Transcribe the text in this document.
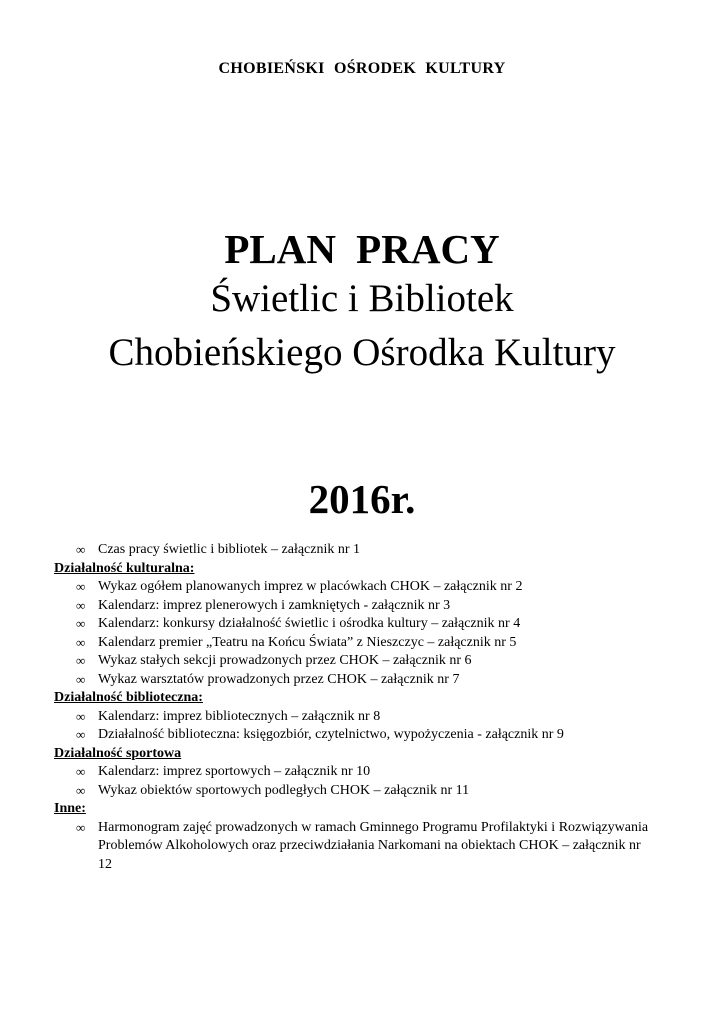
CHOBIEŃSKI OŚRODEK KULTURY
PLAN PRACY
Świetlic i Bibliotek
Chobieńskiego Ośrodka Kultury
2016r.
∞ Czas pracy świetlic i bibliotek – załącznik nr 1
Działalność kulturalna:
∞ Wykaz ogółem planowanych imprez w placówkach CHOK – załącznik nr 2
∞ Kalendarz: imprez plenerowych i zamkniętych - załącznik nr 3
∞ Kalendarz: konkursy działalność świetlic i ośrodka kultury – załącznik nr 4
∞ Kalendarz premier „Teatru na Końcu Świata” z Nieszczyc – załącznik nr 5
∞ Wykaz stałych sekcji prowadzonych przez CHOK – załącznik nr 6
∞ Wykaz warsztatów prowadzonych przez CHOK – załącznik nr 7
Działalność biblioteczna:
∞ Kalendarz: imprez bibliotecznych – załącznik nr 8
∞ Działalność biblioteczna: księgozbiór, czytelnictwo, wypożyczenia - załącznik nr 9
Działalność sportowa
∞ Kalendarz: imprez sportowych – załącznik nr 10
∞ Wykaz obiektów sportowych podległych CHOK – załącznik nr 11
Inne:
∞ Harmonogram zajęć prowadzonych w ramach Gminnego Programu Profilaktyki i Rozwiązywania Problemów Alkoholowych oraz przeciwdziałania Narkomani na obiektach CHOK – załącznik nr 12
